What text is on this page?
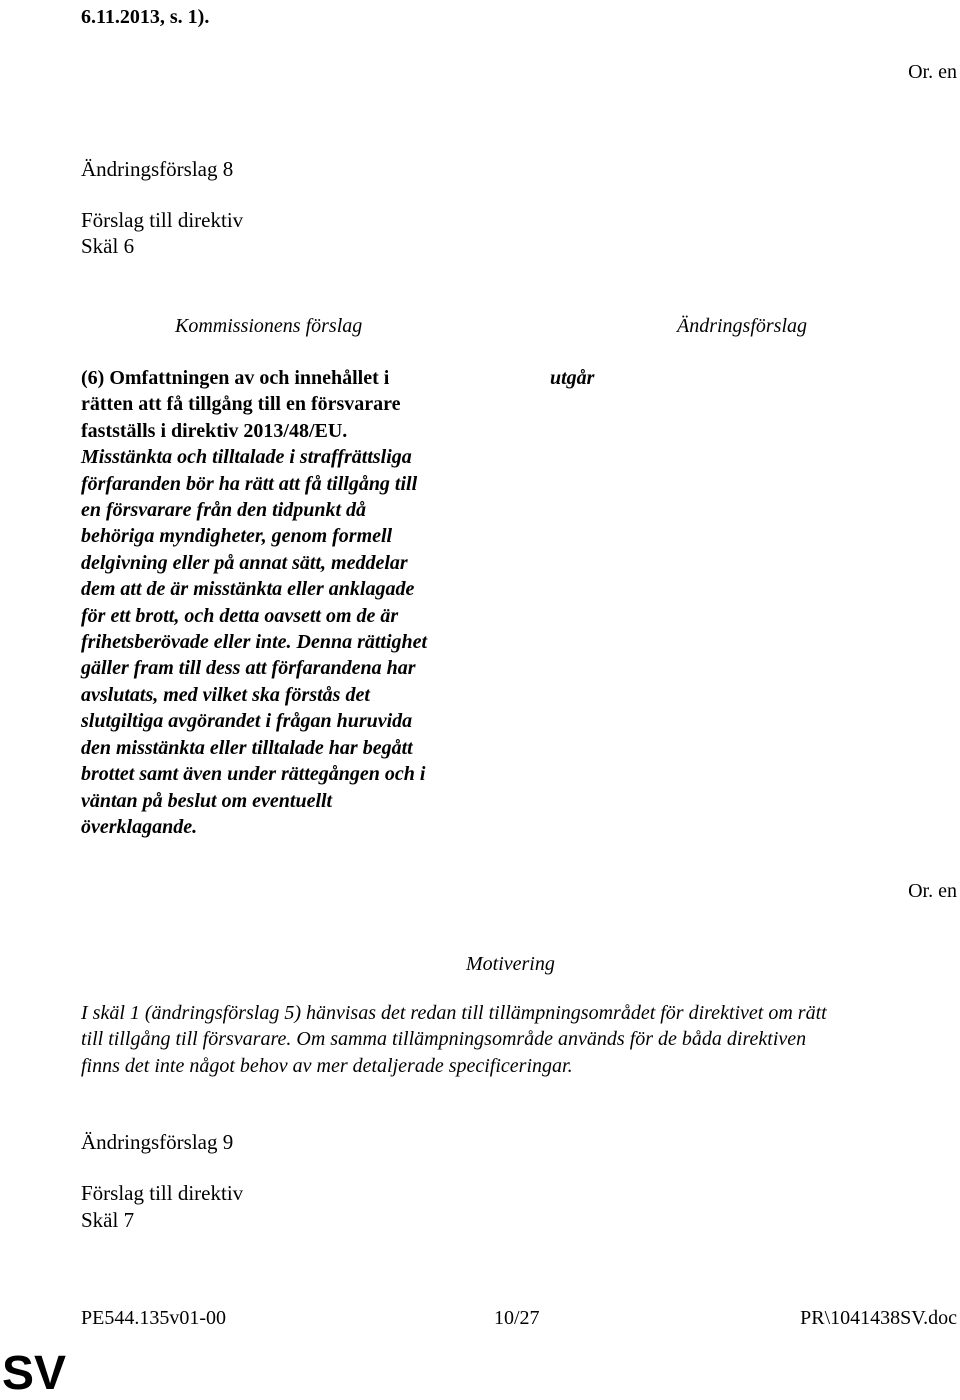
6.11.2013, s. 1).
Or. en
Ändringsförslag 8
Förslag till direktiv
Skäl 6
Kommissionens förslag	Ändringsförslag
(6) Omfattningen av och innehållet i
rätten att få tillgång till en försvarare
fastställs i direktiv 2013/48/EU.
Misstänkta och tilltalade i straffrättsliga
förfaranden bör ha rätt att få tillgång till
en försvarare från den tidpunkt då
behöriga myndigheter, genom formell
delgivning eller på annat sätt, meddelar
dem att de är misstänkta eller anklagade
för ett brott, och detta oavsett om de är
frihetsberövade eller inte. Denna rättighet
gäller fram till dess att förfarandena har
avslutats, med vilket ska förstås det
slutgiltiga avgörandet i frågan huruvida
den misstänkta eller tilltalade har begått
brottet samt även under rättegången och i
väntan på beslut om eventuellt
överklagande.
utgår
Or. en
Motivering
I skäl 1 (ändringsförslag 5) hänvisas det redan till tillämpningsområdet för direktivet om rätt
till tillgång till försvarare. Om samma tillämpningsområde används för de båda direktiven
finns det inte något behov av mer detaljerade specificeringar.
Ändringsförslag 9
Förslag till direktiv
Skäl 7
PE544.135v01-00	10/27	PR\1041438SV.doc
SV
